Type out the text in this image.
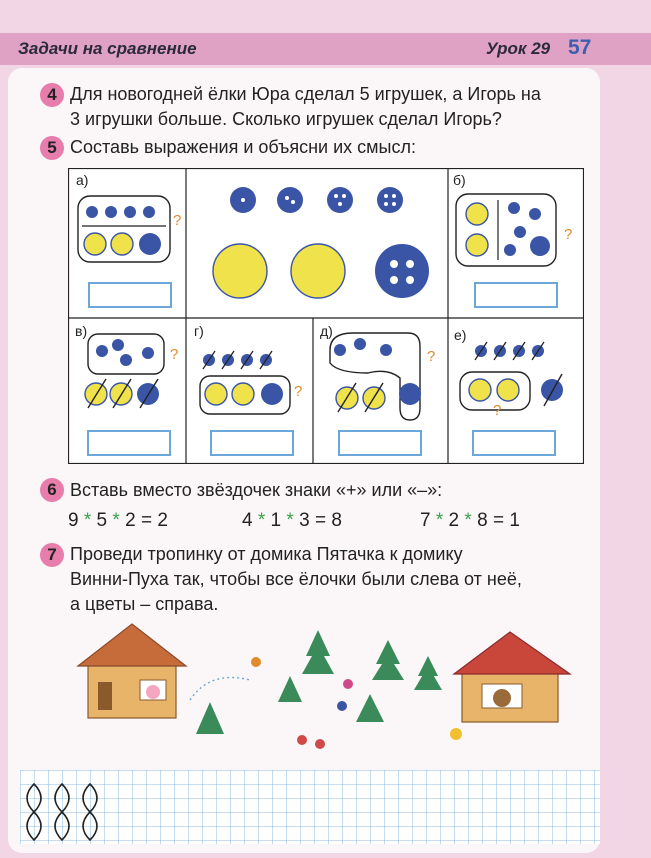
Задачи на сравнение	Урок 29 57
4 Для новогодней ёлки Юра сделал 5 игрушек, а Игорь на
3 игрушки больше. Сколько игрушек сделал Игорь?
5 Составь выражения и объясни их смысл:
а)	б)
в)	г)	д)	е)
?
?
?
?
?
?
6 Вставь вместо звёздочек знаки «+» или «–»:
9 * 5 * 2 = 2	4 * 1 * 3 = 8	7 * 2 * 8 = 1
7 Проведи тропинку от домика Пятачка к домику
Винни-Пуха так, чтобы все ёлочки были слева от неё,
а цветы – справа.
